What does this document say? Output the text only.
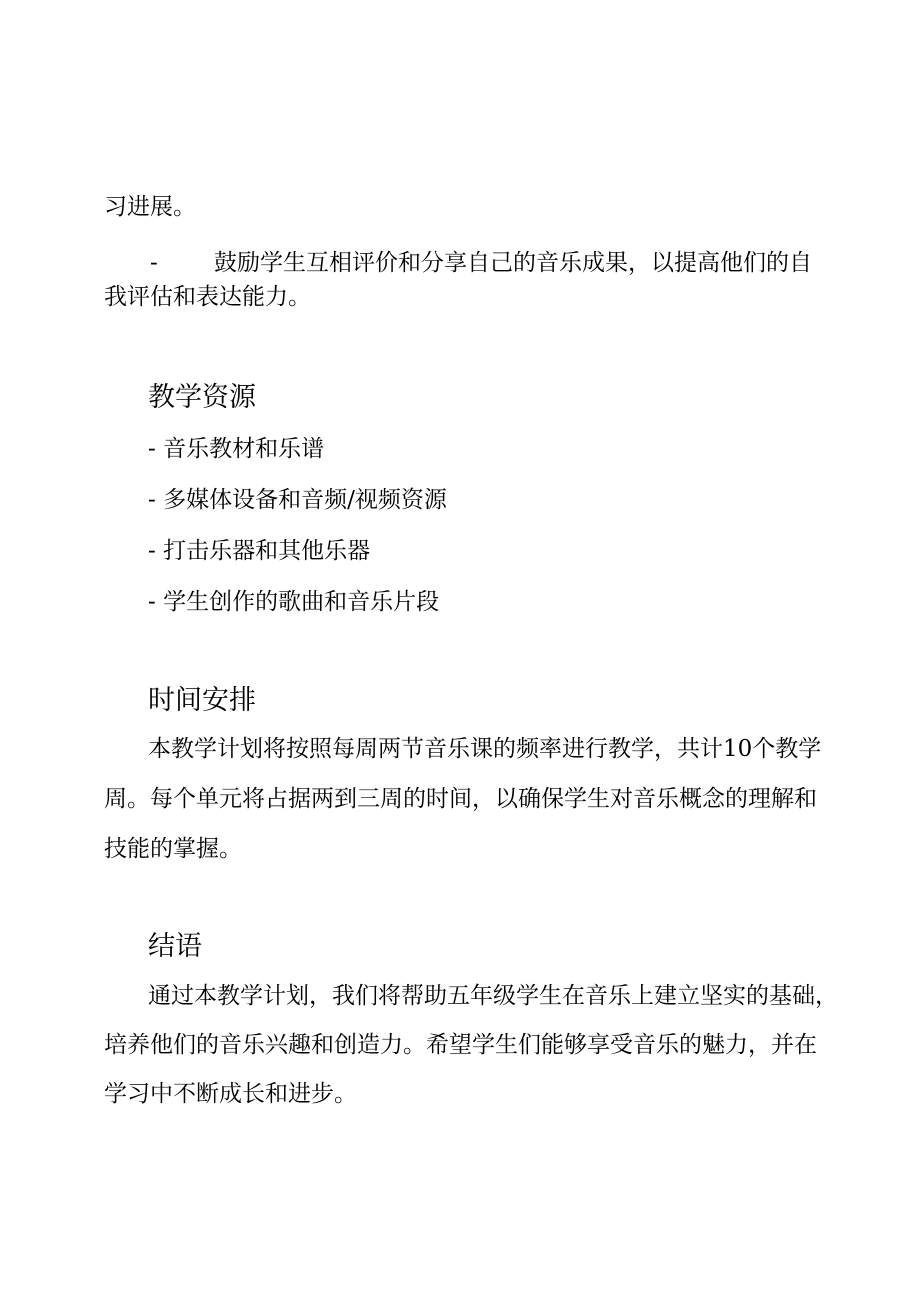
习进展。
- 鼓励学生互相评价和分享自己的音乐成果，以提高他们的自
我评估和表达能力。
教学资源
- 音乐教材和乐谱
- 多媒体设备和音频/视频资源
- 打击乐器和其他乐器
- 学生创作的歌曲和音乐片段
时间安排
本教学计划将按照每周两节音乐课的频率进行教学，共计10个教学
周。每个单元将占据两到三周的时间，以确保学生对音乐概念的理解和
技能的掌握。
结语
通过本教学计划，我们将帮助五年级学生在音乐上建立坚实的基础，
培养他们的音乐兴趣和创造力。希望学生们能够享受音乐的魅力，并在
学习中不断成长和进步。
